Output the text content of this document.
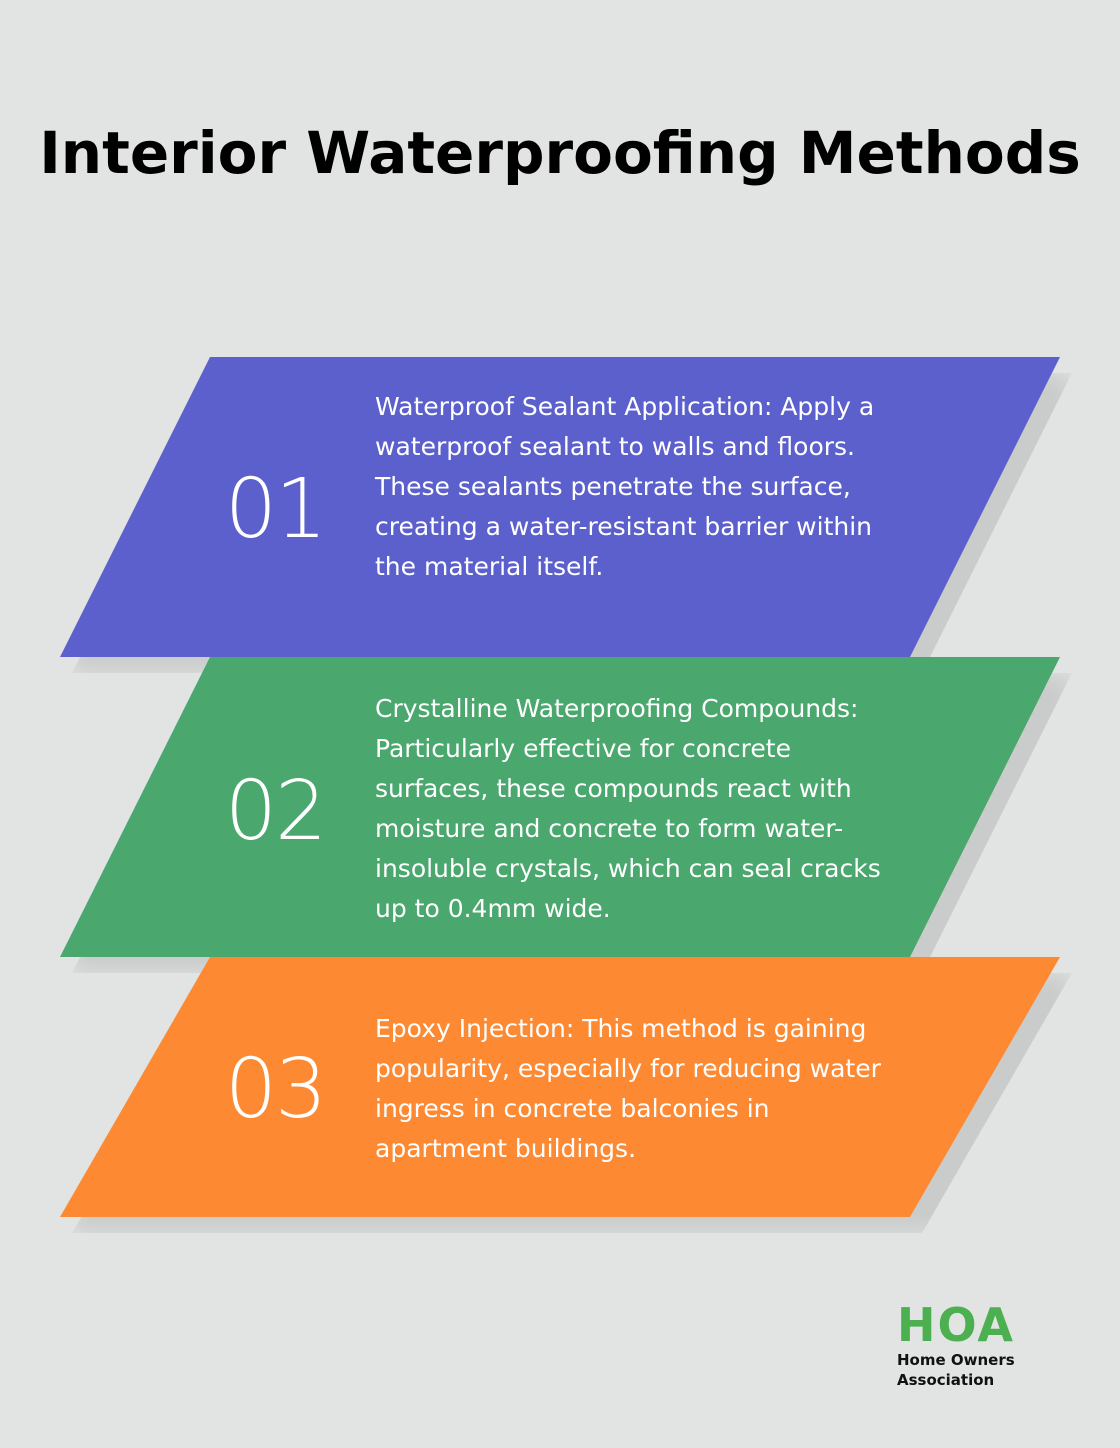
Interior Waterproofing Methods
01
Waterproof Sealant Application: Apply a waterproof sealant to walls and floors. These sealants penetrate the surface, creating a water-resistant barrier within the material itself.
02
Crystalline Waterproofing Compounds: Particularly effective for concrete surfaces, these compounds react with moisture and concrete to form water-insoluble crystals, which can seal cracks up to 0.4mm wide.
03
Epoxy Injection: This method is gaining popularity, especially for reducing water ingress in concrete balconies in apartment buildings.
HOA
Home Owners
Association
